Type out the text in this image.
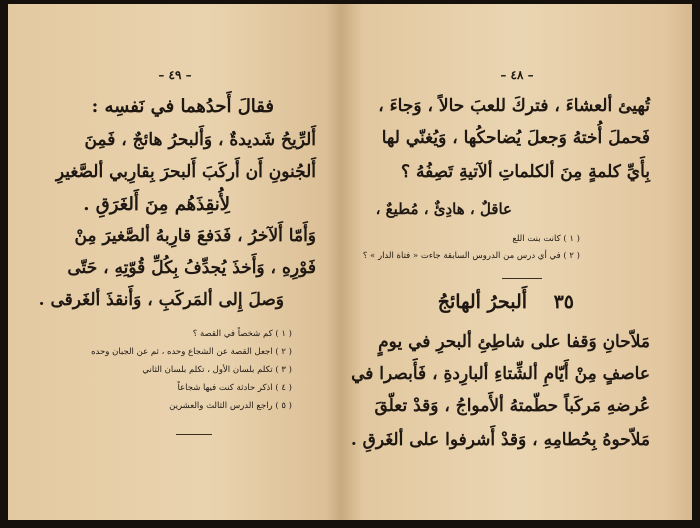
– ٤٩ –
فقالَ أَحدُهما في نَفسِه :
أَلرِّيحُ شَديدةٌ ، وَأَلبحرُ هائجٌ ، فَمِنَ
أَلجُنونِ أَن أَركَبَ أَلبحرَ بِقارِبي ألصَّغيرِ
لِأُنقِذَهُم مِنَ أَلغَرَقِ .
وَأَمّا أَلآخرُ ، فَدَفعَ قارِبهُ ألصَّغيرَ مِنْ
فَوْرِهِ ، وَأَخذَ يُجدِّفُ بِكُلِّ قُوّتِهِ ، حَتّى
وَصلَ إِلى ألمَركَبِ ، وَأَنقذَ ألغَرقى .
( ١ ) كم شخصاً في القصة ؟
( ٢ ) اجعل القصة عن الشجاع وحده ، ثم عن الجبان وحده
( ٣ ) تكلم بلسان الأول ، تكلم بلسان الثاني
( ٤ ) اذكر حادثة كنت فيها شجاعاً
( ٥ ) راجع الدرس الثالث والعشرين
– ٤٨ –
تُهيئ ألعشاءَ ، فتركَ للعبَ حالاً ، وَجاءَ ،
فَحملَ أُختهُ وَجعلَ يُضاحكُها ، وَيُغنّي لها
بِأَيِّ كلمةٍ مِنَ ألكلماتِ ألآتيةِ تَصِفُهُ ؟
عاقلٌ ، هادِئٌ ، مُطيعٌ ،
( ١ ) كانت بنت اللع
( ٢ ) في أي درس من الدروس السابقة جاءت « فتاة الدار » ؟
٣٥    أَلبحرُ ألهائجُ
مَلاّحانِ وَقفا على شاطِئِ ألبحرِ في يومٍ
عاصفٍ مِنْ أَيّامِ ألشِّتاءِ ألبارِدةِ ، فَأَبصرا في
عُرضهِ مَركَباً حطّمتهُ ألأَمواجُ ، وَقدْ تعلّقَ
مَلاّحوهُ بِحُطامِهِ ، وَقدْ أَشرفوا على ألغَرقِ .
